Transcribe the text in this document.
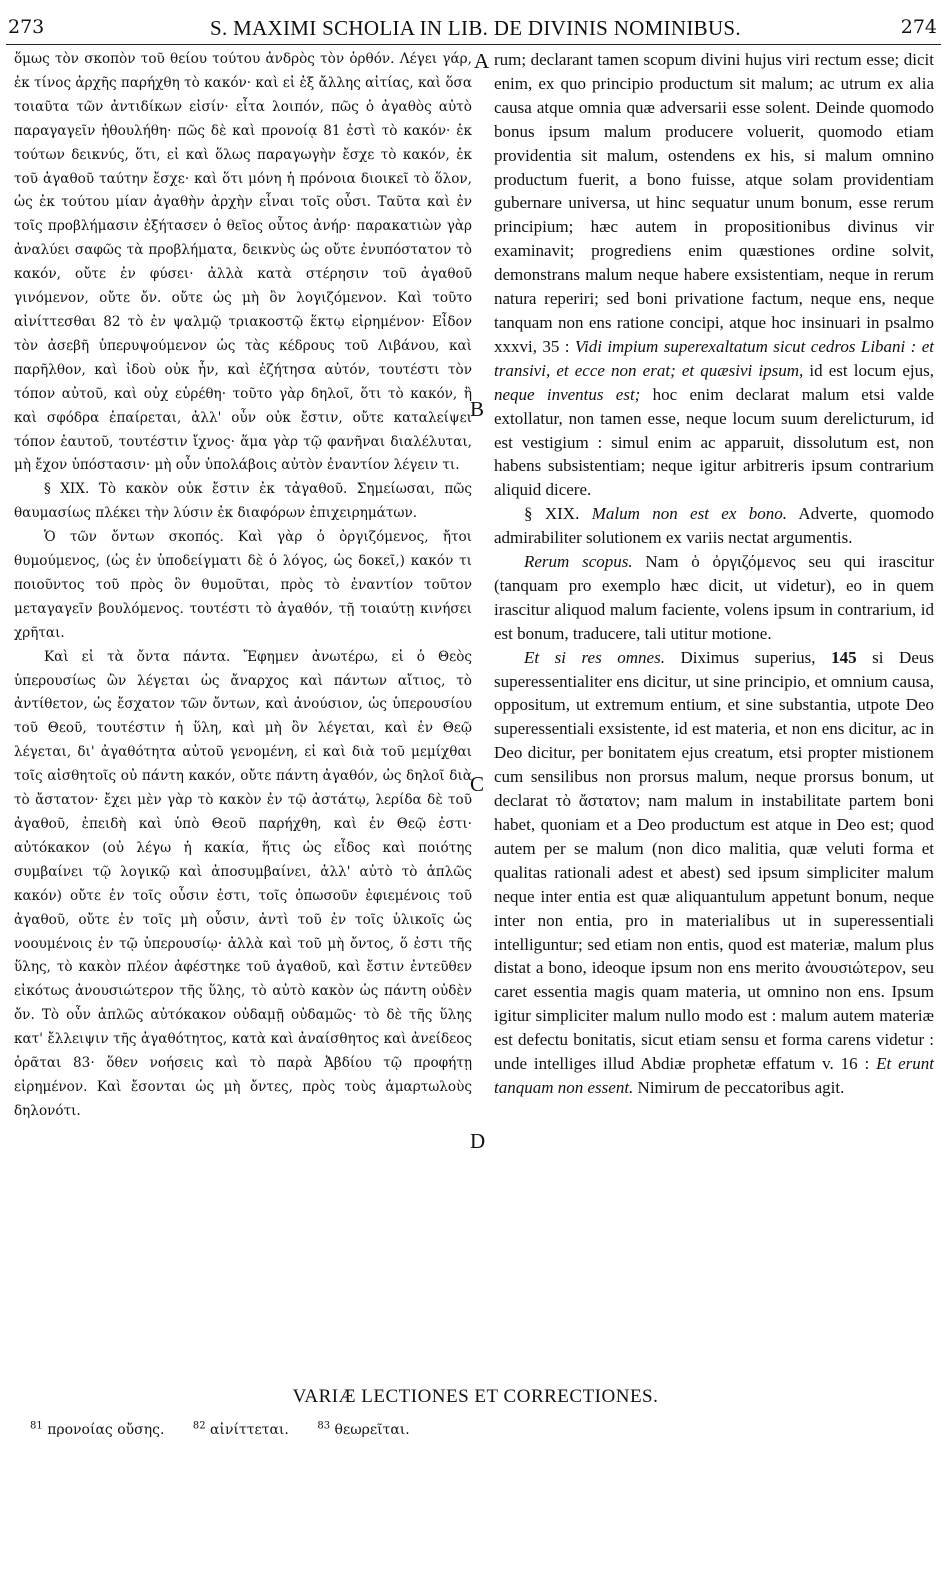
273	S. MAXIMI SCHOLIA IN LIB. DE DIVINIS NOMINIBUS.	274

ὅμως τὸν σκοπὸν τοῦ θείου τούτου ἀνδρὸς τὸν ὀρθόν. Λέγει γάρ, ἐκ τίνος ἀρχῆς παρήχθη τὸ κακόν· καὶ εἰ ἐξ ἄλλης αἰτίας, καὶ ὅσα τοιαῦτα τῶν ἀντιδίκων εἰσίν· εἶτα λοιπόν, πῶς ὁ ἀγαθὸς αὐτὸ παραγαγεῖν ἠθουλήθη· πῶς δὲ καὶ προνοίᾳ 81 ἐστὶ τὸ κακόν· ἐκ τούτων δεικνύς, ὅτι, εἰ καὶ ὅλως παραγωγὴν ἔσχε τὸ κακόν, ἐκ τοῦ ἀγαθοῦ ταύτην ἔσχε· καὶ ὅτι μόνη ἡ πρόνοια διοικεῖ τὸ ὅλον, ὡς ἐκ τούτου μίαν ἀγαθὴν ἀρχὴν εἶναι τοῖς οὖσι. Ταῦτα καὶ ἐν τοῖς προβλήμασιν ἐξήτασεν ὁ θεῖος οὗτος ἀνήρ· παρακατιὼν γὰρ ἀναλύει σαφῶς τὰ προβλήματα, δεικνὺς ὡς οὔτε ἐνυπόστατον τὸ κακόν, οὔτε ἐν φύσει· ἀλλὰ κατὰ στέρησιν τοῦ ἀγαθοῦ γινόμενον, οὔτε ὄν. οὔτε ὡς μὴ ὂν λογιζόμενον. Καὶ τοῦτο αἰνίττεσθαι 82 τὸ ἐν ψαλμῷ τριακοστῷ ἕκτῳ εἰρημένον· Εἶδον τὸν ἀσεβῆ ὑπερυψούμενον ὡς τὰς κέδρους τοῦ Λιβάνου, καὶ παρῆλθον, καὶ ἰδοὺ οὐκ ἦν, καὶ ἐζήτησα αὐτόν, τουτέστι τὸν τόπον αὐτοῦ, καὶ οὐχ εὑρέθη· τοῦτο γὰρ δηλοῖ, ὅτι τὸ κακόν, ἢ καὶ σφόδρα ἐπαίρεται, ἀλλ' οὖν οὐκ ἔστιν, οὔτε καταλείψει τόπον ἑαυτοῦ, τουτέστιν ἴχνος· ἅμα γὰρ τῷ φανῆναι διαλέλυται, μὴ ἔχον ὑπόστασιν· μὴ οὖν ὑπολάβοις αὐτὸν ἐναντίον λέγειν τι.

§ XIX. Τὸ κακὸν οὐκ ἔστιν ἐκ τἀγαθοῦ. Σημείωσαι, πῶς θαυμασίως πλέκει τὴν λύσιν ἐκ διαφόρων ἐπιχειρημάτων.

Ὁ τῶν ὄντων σκοπός. Καὶ γὰρ ὁ ὀργιζόμενος, ἤτοι θυμούμενος, (ὡς ἐν ὑποδείγματι δὲ ὁ λόγος, ὡς δοκεῖ,) κακόν τι ποιοῦντος τοῦ πρὸς ὃν θυμοῦται, πρὸς τὸ ἐναντίον τοῦτον μεταγαγεῖν βουλόμενος. τουτέστι τὸ ἀγαθόν, τῇ τοιαύτῃ κινήσει χρῆται.

Καὶ εἰ τὰ ὄντα πάντα. Ἔφημεν ἀνωτέρω, εἰ ὁ Θεὸς ὑπερουσίως ὢν λέγεται ὡς ἄναρχος καὶ πάντων αἴτιος, τὸ ἀντίθετον, ὡς ἔσχατον τῶν ὄντων, καὶ ἀνούσιον, ὡς ὑπερουσίου τοῦ Θεοῦ, τουτέστιν ἡ ὕλη, καὶ μὴ ὂν λέγεται, καὶ ἐν Θεῷ λέγεται, δι' ἀγαθότητα αὐτοῦ γενομένη, εἰ καὶ διὰ τοῦ μεμίχθαι τοῖς αἰσθητοῖς οὐ πάντη κακόν, οὔτε πάντη ἀγαθόν, ὡς δηλοῖ διὰ τὸ ἄστατον· ἔχει μὲν γὰρ τὸ κακὸν ἐν τῷ ἀστάτῳ, λερίδα δὲ τοῦ ἀγαθοῦ, ἐπειδὴ καὶ ὑπὸ Θεοῦ παρήχθη, καὶ ἐν Θεῷ ἐστι· αὐτόκακον (οὐ λέγω ἡ κακία, ἥτις ὡς εἶδος καὶ ποιότης συμβαίνει τῷ λογικῷ καὶ ἀποσυμβαίνει, ἀλλ' αὐτὸ τὸ ἁπλῶς κακόν) οὔτε ἐν τοῖς οὖσιν ἐστι, τοῖς ὁπωσοῦν ἐφιεμένοις τοῦ ἀγαθοῦ, οὔτε ἐν τοῖς μὴ οὖσιν, ἀντὶ τοῦ ἐν τοῖς ὑλικοῖς ὡς νοουμένοις ἐν τῷ ὑπερουσίῳ· ἀλλὰ καὶ τοῦ μὴ ὄντος, ὅ ἐστι τῆς ὕλης, τὸ κακὸν πλέον ἀφέστηκε τοῦ ἀγαθοῦ, καὶ ἔστιν ἐντεῦθεν εἰκότως ἀνουσιώτερον τῆς ὕλης, τὸ αὐτὸ κακὸν ὡς πάντη οὐδὲν ὄν. Τὸ οὖν ἁπλῶς αὐτόκακον οὐδαμῇ οὐδαμῶς· τὸ δὲ τῆς ὕλης κατ' ἔλλειψιν τῆς ἀγαθότητος, κατὰ καὶ ἀναίσθητος καὶ ἀνείδεος ὁρᾶται 83· ὅθεν νοήσεις καὶ τὸ παρὰ Ἀβδίου τῷ προφήτῃ εἰρημένον. Καὶ ἔσονται ὡς μὴ ὄντες, πρὸς τοὺς ἁμαρτωλοὺς δηλονότι.

A
B
C
D

rum; declarant tamen scopum divini hujus viri rectum esse; dicit enim, ex quo principio productum sit malum; ac utrum ex alia causa atque omnia quæ adversarii esse solent. Deinde quomodo bonus ipsum malum producere voluerit, quomodo etiam providentia sit malum, ostendens ex his, si malum omnino productum fuerit, a bono fuisse, atque solam providentiam gubernare universa, ut hinc sequatur unum bonum, esse rerum principium; hæc autem in propositionibus divinus vir examinavit; progrediens enim quæstiones ordine solvit, demonstrans malum neque habere exsistentiam, neque in rerum natura reperiri; sed boni privatione factum, neque ens, neque tanquam non ens ratione concipi, atque hoc insinuari in psalmo xxxvi, 35 : Vidi impium superexaltatum sicut cedros Libani : et transivi, et ecce non erat; et quæsivi ipsum, id est locum ejus, neque inventus est; hoc enim declarat malum etsi valde extollatur, non tamen esse, neque locum suum derelicturum, id est vestigium : simul enim ac apparuit, dissolutum est, non habens subsistentiam; neque igitur arbitreris ipsum contrarium aliquid dicere.

§ XIX. Malum non est ex bono. Adverte, quomodo admirabiliter solutionem ex variis nectat argumentis.

Rerum scopus. Nam ὁ ὀργιζόμενος seu qui irascitur (tanquam pro exemplo hæc dicit, ut videtur), eo in quem irascitur aliquod malum faciente, volens ipsum in contrarium, id est bonum, traducere, tali utitur motione.

Et si res omnes. Diximus superius, 145 si Deus superessentialiter ens dicitur, ut sine principio, et omnium causa, oppositum, ut extremum entium, et sine substantia, utpote Deo superessentiali exsistente, id est materia, et non ens dicitur, ac in Deo dicitur, per bonitatem ejus creatum, etsi propter mistionem cum sensilibus non prorsus malum, neque prorsus bonum, ut declarat τὸ ἄστατον; nam malum in instabilitate partem boni habet, quoniam et a Deo productum est atque in Deo est; quod autem per se malum (non dico malitia, quæ veluti forma et qualitas rationali adest et abest) sed ipsum simpliciter malum neque inter entia est quæ aliquantulum appetunt bonum, neque inter non entia, pro in materialibus ut in superessentiali intelliguntur; sed etiam non entis, quod est materiæ, malum plus distat a bono, ideoque ipsum non ens merito ἀνουσιώτερον, seu caret essentia magis quam materia, ut omnino non ens. Ipsum igitur simpliciter malum nullo modo est : malum autem materiæ est defectu bonitatis, sicut etiam sensu et forma carens videtur : unde intelliges illud Abdiæ prophetæ effatum v. 16 : Et erunt tanquam non essent. Nimirum de peccatoribus agit.

VARIÆ LECTIONES ET CORRECTIONES.
$^{81}$ προνοίας οὔσης.	$^{82}$ αἰνίττεται.	$^{83}$ θεωρεῖται.
